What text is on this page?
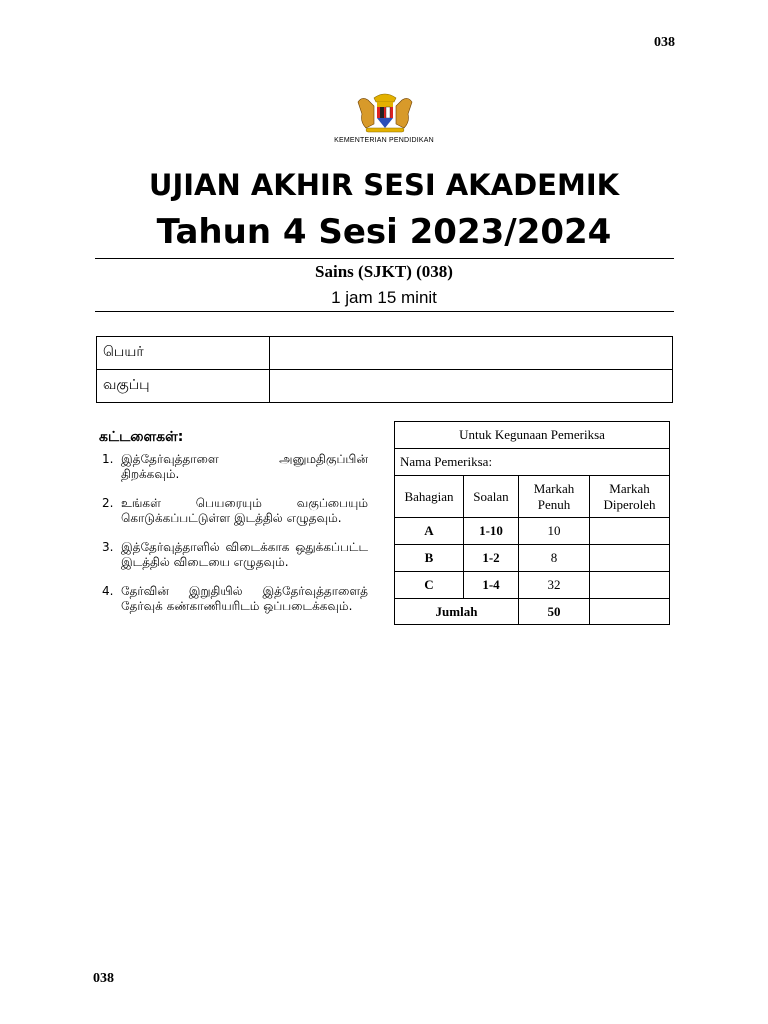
038
KEMENTERIAN PENDIDIKAN
UJIAN AKHIR SESI AKADEMIK
Tahun 4 Sesi 2023/2024
Sains (SJKT) (038)
1 jam 15 minit
பெயர்	
வகுப்பு	
கட்டளைகள்:
1. இத்தேர்வுத்தாளை அனுமதிகுப்பின் திறக்கவும்.
2. உங்கள் பெயரையும் வகுப்பையும் கொடுக்கப்பட்டுள்ள இடத்தில் எழுதவும்.
3. இத்தேர்வுத்தாளில் விடைக்காக ஒதுக்கப்பட்ட இடத்தில் விடையை எழுதவும்.
4. தேர்வின் இறுதியில் இத்தேர்வுத்தாளைத் தேர்வுக் கண்காணியரிடம் ஒப்படைக்கவும்.
Untuk Kegunaan Pemeriksa			
Nama Pemeriksa:			
Bahagian	Soalan	Markah Penuh	Markah Diperoleh
A	1-10	10	
B	1-2	8	
C	1-4	32	
Jumlah		50	
038
